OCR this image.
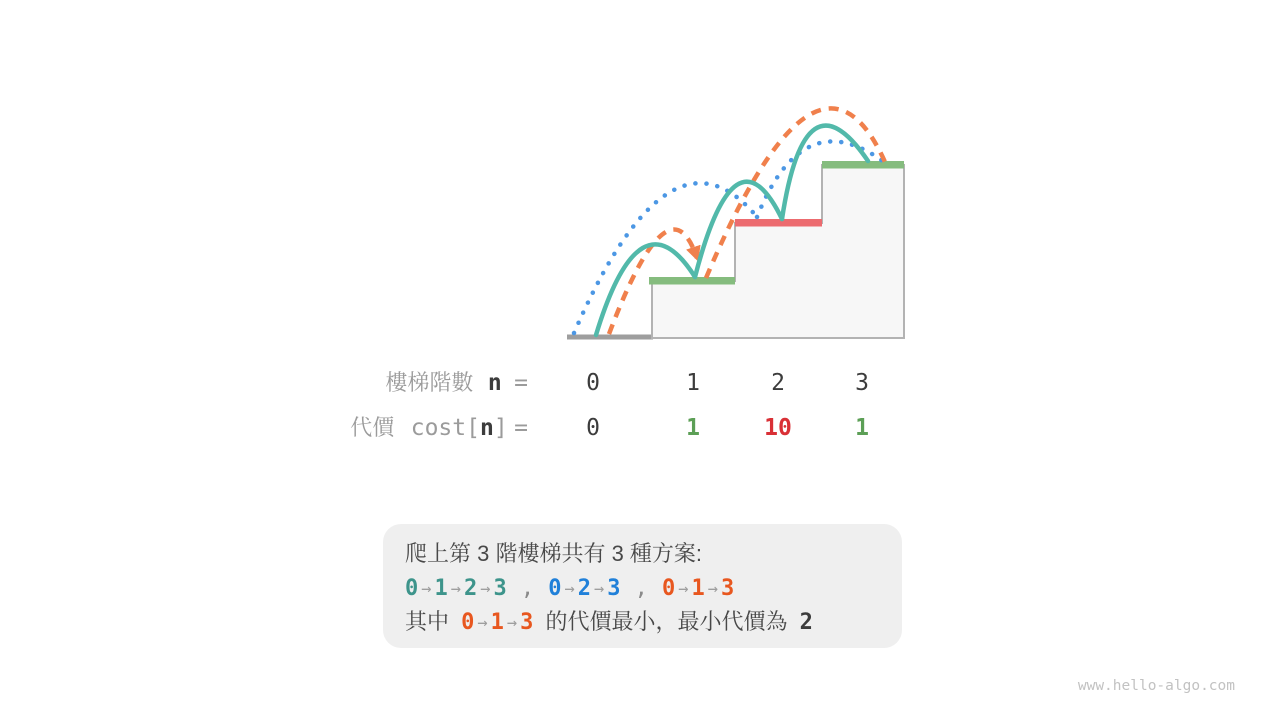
樓梯階數 n =	0	1	2	3
代價 cost[n] =	0	1	10	1
爬上第 3 階樓梯共有 3 種方案:
0 → 1 → 2 → 3 , 0 → 2 → 3 , 0 → 1 → 3
其中 0 → 1 → 3 的代價最小，最小代價為 2
www.hello-algo.com
